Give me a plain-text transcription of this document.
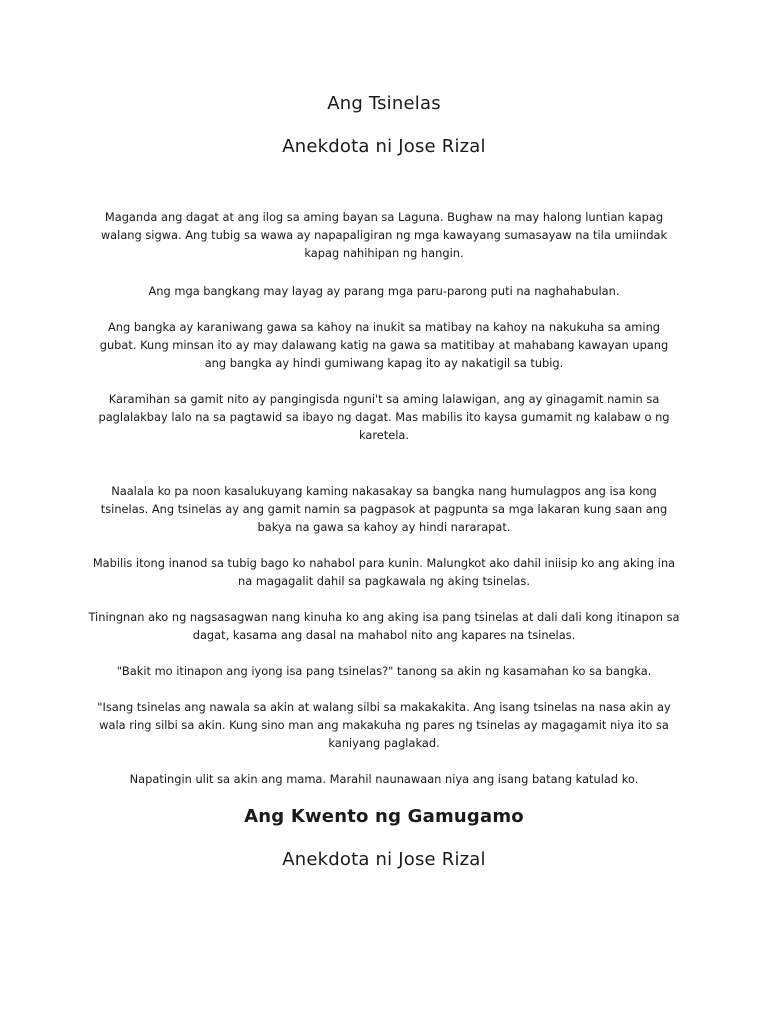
Ang Tsinelas
Anekdota ni Jose Rizal

Maganda ang dagat at ang ilog sa aming bayan sa Laguna. Bughaw na may halong luntian kapag walang sigwa. Ang tubig sa wawa ay napapaligiran ng mga kawayang sumasayaw na tila umiindak kapag nahihipan ng hangin.

Ang mga bangkang may layag ay parang mga paru-parong puti na naghahabulan.

Ang bangka ay karaniwang gawa sa kahoy na inukit sa matibay na kahoy na nakukuha sa aming gubat. Kung minsan ito ay may dalawang katig na gawa sa matitibay at mahabang kawayan upang ang bangka ay hindi gumiwang kapag ito ay nakatigil sa tubig.

Karamihan sa gamit nito ay pangingisda nguni't sa aming lalawigan, ang ay ginagamit namin sa paglalakbay lalo na sa pagtawid sa ibayo ng dagat. Mas mabilis ito kaysa gumamit ng kalabaw o ng karetela.

Naalala ko pa noon kasalukuyang kaming nakasakay sa bangka nang humulagpos ang isa kong tsinelas. Ang tsinelas ay ang gamit namin sa pagpasok at pagpunta sa mga lakaran kung saan ang bakya na gawa sa kahoy ay hindi nararapat.

Mabilis itong inanod sa tubig bago ko nahabol para kunin. Malungkot ako dahil iniisip ko ang aking ina na magagalit dahil sa pagkawala ng aking tsinelas.

Tiningnan ako ng nagsasagwan nang kinuha ko ang aking isa pang tsinelas at dali dali kong itinapon sa dagat, kasama ang dasal na mahabol nito ang kapares na tsinelas.

"Bakit mo itinapon ang iyong isa pang tsinelas?" tanong sa akin ng kasamahan ko sa bangka.

"Isang tsinelas ang nawala sa akin at walang silbi sa makakakita. Ang isang tsinelas na nasa akin ay wala ring silbi sa akin. Kung sino man ang makakuha ng pares ng tsinelas ay magagamit niya ito sa kaniyang paglakad.

Napatingin ulit sa akin ang mama. Marahil naunawaan niya ang isang batang katulad ko.

Ang Kwento ng Gamugamo
Anekdota ni Jose Rizal
